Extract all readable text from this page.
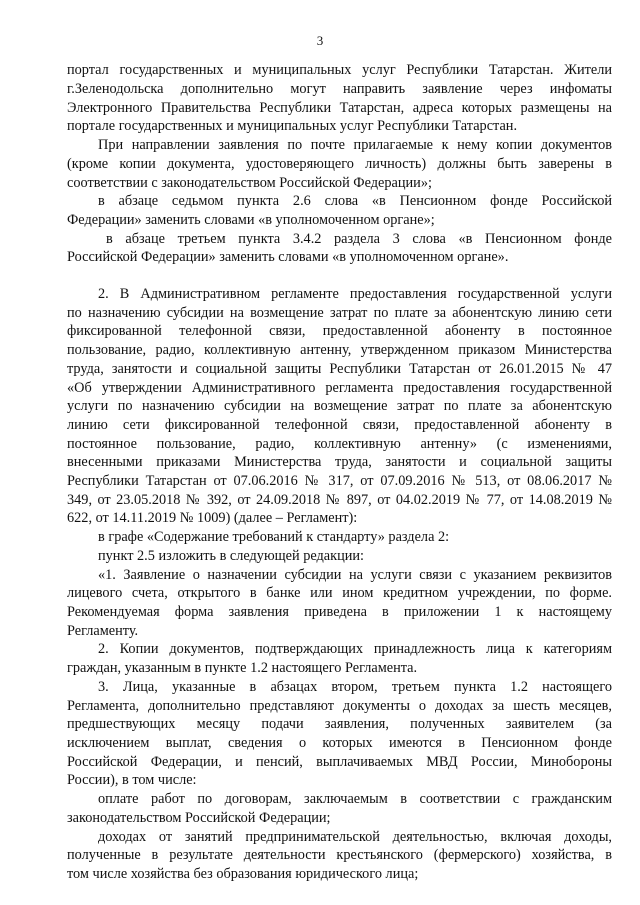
3
портал государственных и муниципальных услуг Республики Татарстан. Жители
г.Зеленодольска дополнительно могут направить заявление через инфоматы
Электронного Правительства Республики Татарстан, адреса которых размещены на
портале государственных и муниципальных услуг Республики Татарстан.
При направлении заявления по почте прилагаемые к нему копии документов
(кроме копии документа, удостоверяющего личность) должны быть заверены в
соответствии с законодательством Российской Федерации»;
в абзаце седьмом пункта 2.6 слова «в Пенсионном фонде Российской
Федерации» заменить словами «в уполномоченном органе»;
в абзаце третьем пункта 3.4.2 раздела 3 слова «в Пенсионном фонде
Российской Федерации» заменить словами «в уполномоченном органе».
2. В Административном регламенте предоставления государственной услуги
по назначению субсидии на возмещение затрат по плате за абонентскую линию сети
фиксированной телефонной связи, предоставленной абоненту в постоянное
пользование, радио, коллективную антенну, утвержденном приказом Министерства
труда, занятости и социальной защиты Республики Татарстан от 26.01.2015 № 47
«Об утверждении Административного регламента предоставления государственной
услуги по назначению субсидии на возмещение затрат по плате за абонентскую
линию сети фиксированной телефонной связи, предоставленной абоненту в
постоянное пользование, радио, коллективную антенну» (с изменениями,
внесенными приказами Министерства труда, занятости и социальной защиты
Республики Татарстан от 07.06.2016 № 317, от 07.09.2016 № 513, от 08.06.2017 №
349, от 23.05.2018 № 392, от 24.09.2018 № 897, от 04.02.2019 № 77, от 14.08.2019 №
622, от 14.11.2019 № 1009) (далее – Регламент):
в графе «Содержание требований к стандарту» раздела 2:
пункт 2.5 изложить в следующей редакции:
«1. Заявление о назначении субсидии на услуги связи с указанием реквизитов
лицевого счета, открытого в банке или ином кредитном учреждении, по форме.
Рекомендуемая форма заявления приведена в приложении 1 к настоящему
Регламенту.
2. Копии документов, подтверждающих принадлежность лица к категориям
граждан, указанным в пункте 1.2 настоящего Регламента.
3. Лица, указанные в абзацах втором, третьем пункта 1.2 настоящего
Регламента, дополнительно представляют документы о доходах за шесть месяцев,
предшествующих месяцу подачи заявления, полученных заявителем (за
исключением выплат, сведения о которых имеются в Пенсионном фонде
Российской Федерации, и пенсий, выплачиваемых МВД России, Минобороны
России), в том числе:
оплате работ по договорам, заключаемым в соответствии с гражданским
законодательством Российской Федерации;
доходах от занятий предпринимательской деятельностью, включая доходы,
полученные в результате деятельности крестьянского (фермерского) хозяйства, в
том числе хозяйства без образования юридического лица;
